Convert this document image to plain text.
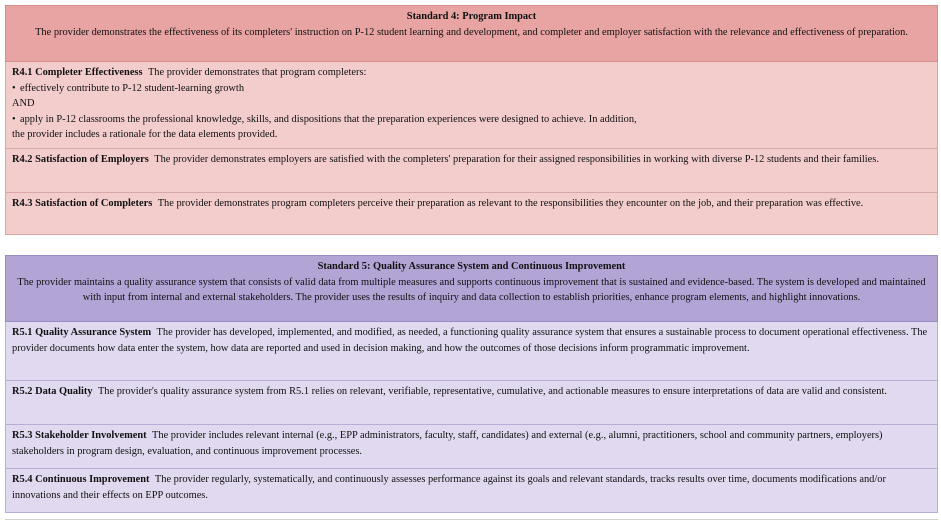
Standard 4: Program Impact
The provider demonstrates the effectiveness of its completers' instruction on P-12 student learning and development, and completer and employer satisfaction with the relevance and effectiveness of preparation.
R4.1 Completer Effectiveness The provider demonstrates that program completers:
• effectively contribute to P-12 student-learning growth
AND
• apply in P-12 classrooms the professional knowledge, skills, and dispositions that the preparation experiences were designed to achieve. In addition,
the provider includes a rationale for the data elements provided.
R4.2 Satisfaction of Employers The provider demonstrates employers are satisfied with the completers' preparation for their assigned responsibilities in working with diverse P-12 students and their families.
R4.3 Satisfaction of Completers The provider demonstrates program completers perceive their preparation as relevant to the responsibilities they encounter on the job, and their preparation was effective.
Standard 5: Quality Assurance System and Continuous Improvement
The provider maintains a quality assurance system that consists of valid data from multiple measures and supports continuous improvement that is sustained and evidence-based. The system is developed and maintained with input from internal and external stakeholders. The provider uses the results of inquiry and data collection to establish priorities, enhance program elements, and highlight innovations.
R5.1 Quality Assurance System The provider has developed, implemented, and modified, as needed, a functioning quality assurance system that ensures a sustainable process to document operational effectiveness. The provider documents how data enter the system, how data are reported and used in decision making, and how the outcomes of those decisions inform programmatic improvement.
R5.2 Data Quality The provider's quality assurance system from R5.1 relies on relevant, verifiable, representative, cumulative, and actionable measures to ensure interpretations of data are valid and consistent.
R5.3 Stakeholder Involvement The provider includes relevant internal (e.g., EPP administrators, faculty, staff, candidates) and external (e.g., alumni, practitioners, school and community partners, employers) stakeholders in program design, evaluation, and continuous improvement processes.
R5.4 Continuous Improvement The provider regularly, systematically, and continuously assesses performance against its goals and relevant standards, tracks results over time, documents modifications and/or innovations and their effects on EPP outcomes.
